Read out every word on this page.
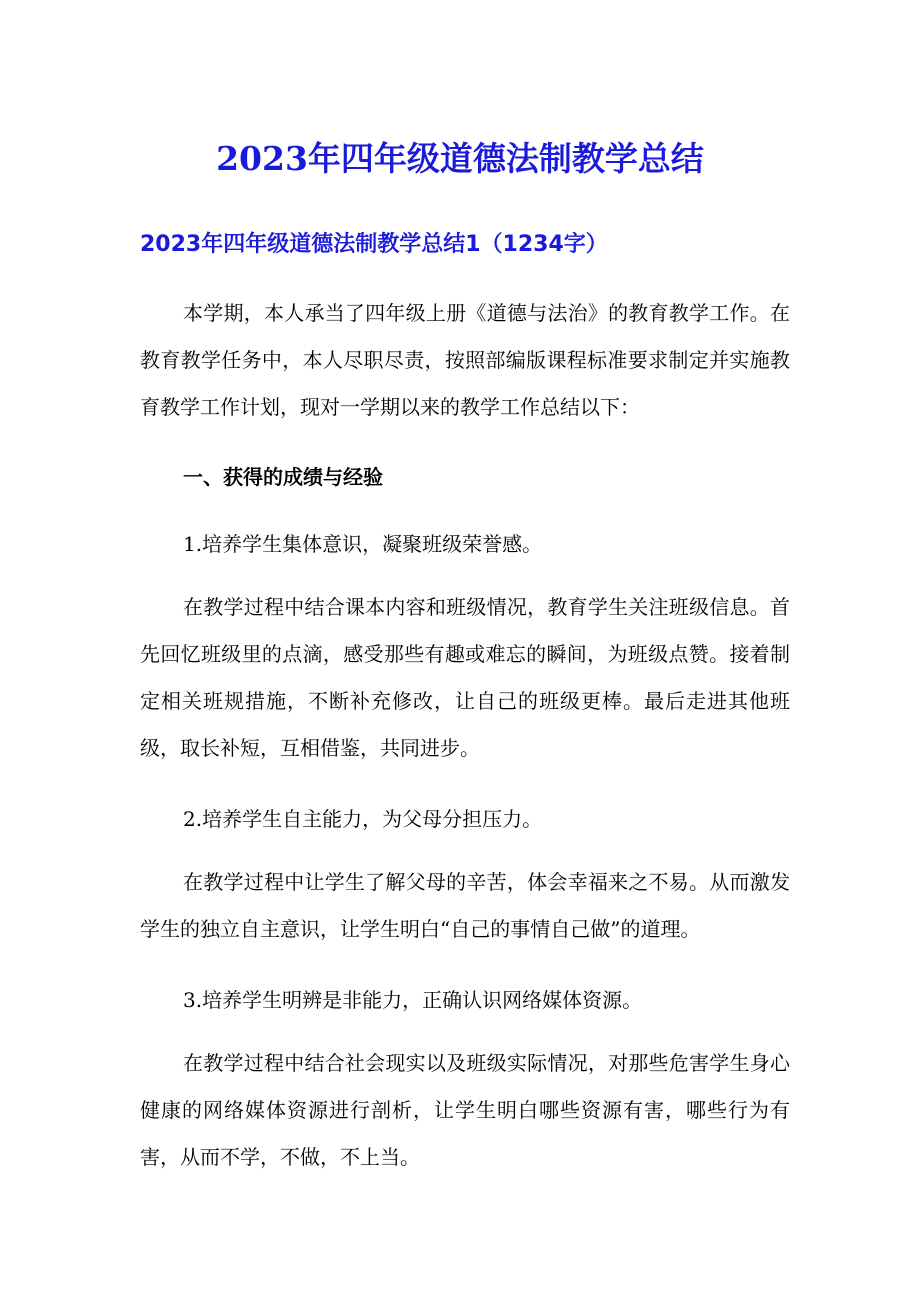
2023年四年级道德法制教学总结
2023年四年级道德法制教学总结1（1234字）
本学期，本人承当了四年级上册《道德与法治》的教育教学工作。在教育教学任务中，本人尽职尽责，按照部编版课程标准要求制定并实施教育教学工作计划，现对一学期以来的教学工作总结以下：
一、获得的成绩与经验
1.培养学生集体意识，凝聚班级荣誉感。
在教学过程中结合课本内容和班级情况，教育学生关注班级信息。首先回忆班级里的点滴，感受那些有趣或难忘的瞬间，为班级点赞。接着制定相关班规措施，不断补充修改，让自己的班级更棒。最后走进其他班级，取长补短，互相借鉴，共同进步。
2.培养学生自主能力，为父母分担压力。
在教学过程中让学生了解父母的辛苦，体会幸福来之不易。从而激发学生的独立自主意识，让学生明白“自己的事情自己做”的道理。
3.培养学生明辨是非能力，正确认识网络媒体资源。
在教学过程中结合社会现实以及班级实际情况，对那些危害学生身心健康的网络媒体资源进行剖析，让学生明白哪些资源有害，哪些行为有害，从而不学，不做，不上当。
